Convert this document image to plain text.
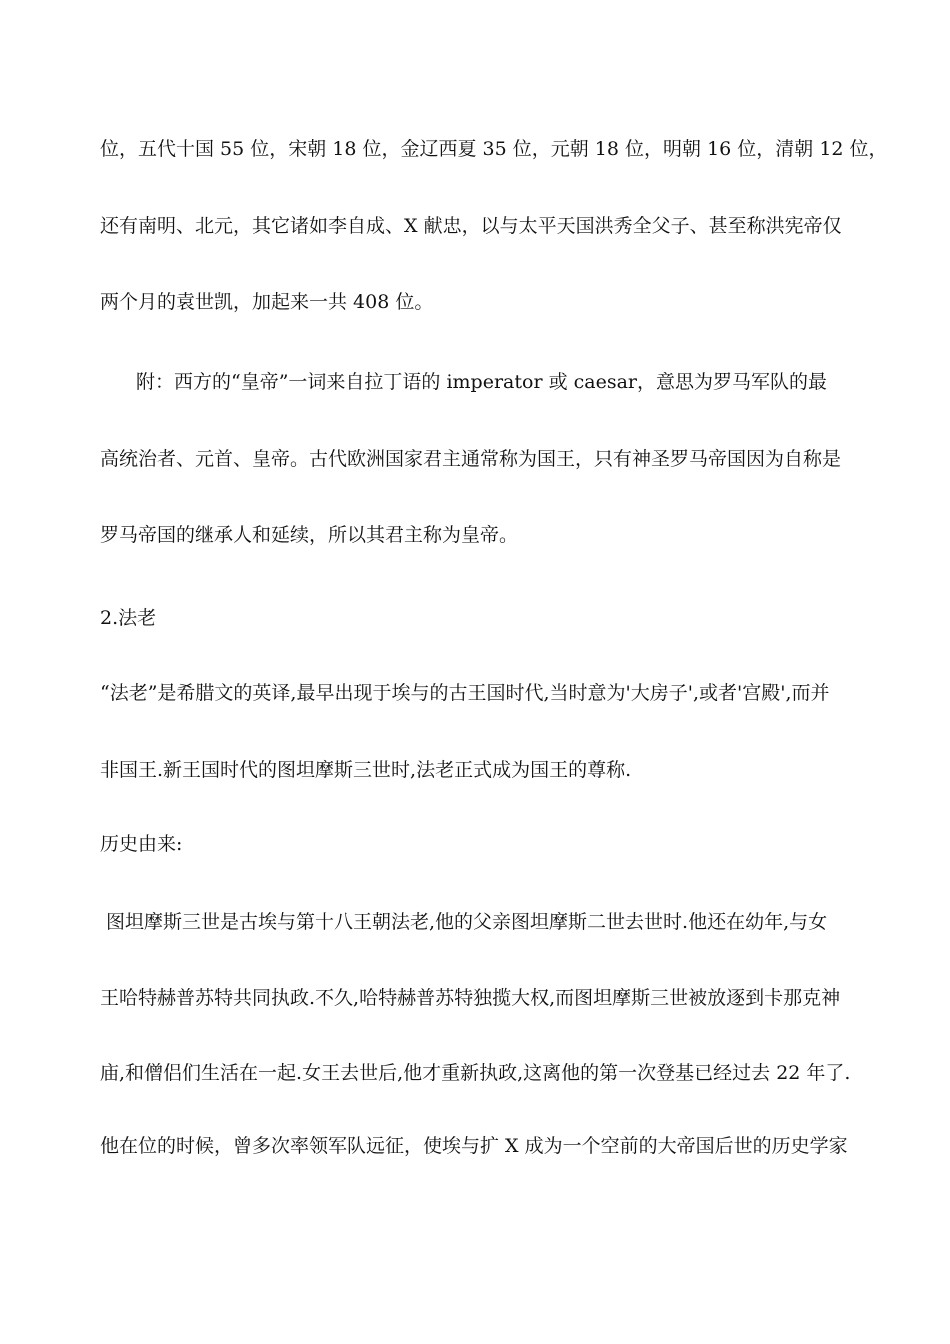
位，五代十国 55 位，宋朝 18 位，金辽西夏 35 位，元朝 18 位，明朝 16 位，清朝 12 位，
还有南明、北元，其它诸如李自成、X 献忠，以与太平天国洪秀全父子、甚至称洪宪帝仅
两个月的袁世凯，加起来一共 408 位。
附：西方的“皇帝”一词来自拉丁语的 imperator 或 caesar，意思为罗马军队的最
高统治者、元首、皇帝。古代欧洲国家君主通常称为国王，只有神圣罗马帝国因为自称是
罗马帝国的继承人和延续，所以其君主称为皇帝。
2.法老
“法老”是希腊文的英译,最早出现于埃与的古王国时代,当时意为'大房子',或者'宫殿',而并
非国王.新王国时代的图坦摩斯三世时,法老正式成为国王的尊称.
历史由来:
图坦摩斯三世是古埃与第十八王朝法老,他的父亲图坦摩斯二世去世时.他还在幼年,与女
王哈特赫普苏特共同执政.不久,哈特赫普苏特独揽大权,而图坦摩斯三世被放逐到卡那克神
庙,和僧侣们生活在一起.女王去世后,他才重新执政,这离他的第一次登基已经过去 22 年了.
他在位的时候，曾多次率领军队远征，使埃与扩 X 成为一个空前的大帝国后世的历史学家
